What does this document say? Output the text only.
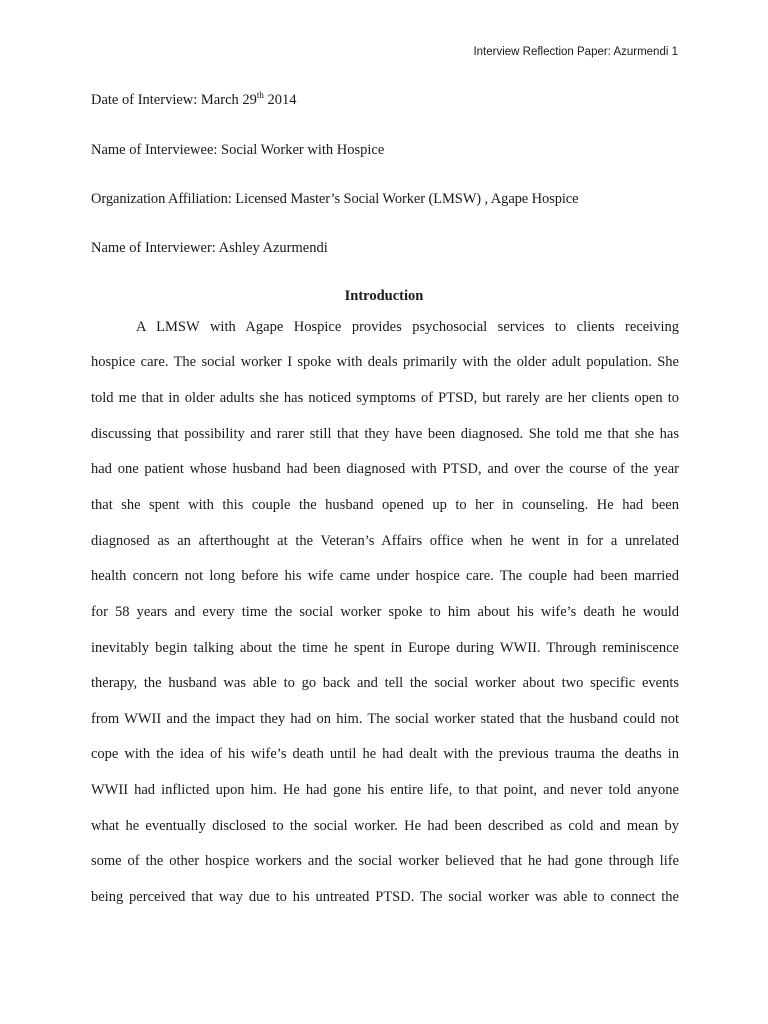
Interview Reflection Paper: Azurmendi 1
Date of Interview: March 29th 2014
Name of Interviewee: Social Worker with Hospice
Organization Affiliation: Licensed Master’s Social Worker (LMSW) , Agape Hospice
Name of Interviewer: Ashley Azurmendi
Introduction
A LMSW with Agape Hospice provides psychosocial services to clients receiving
hospice care. The social worker I spoke with deals primarily with the older adult population. She
told me that in older adults she has noticed symptoms of PTSD, but rarely are her clients open to
discussing that possibility and rarer still that they have been diagnosed. She told me that she has
had one patient whose husband had been diagnosed with PTSD, and over the course of the year
that she spent with this couple the husband opened up to her in counseling. He had been
diagnosed as an afterthought at the Veteran’s Affairs office when he went in for a unrelated
health concern not long before his wife came under hospice care. The couple had been married
for 58 years and every time the social worker spoke to him about his wife’s death he would
inevitably begin talking about the time he spent in Europe during WWII. Through reminiscence
therapy, the husband was able to go back and tell the social worker about two specific events
from WWII and the impact they had on him. The social worker stated that the husband could not
cope with the idea of his wife’s death until he had dealt with the previous trauma the deaths in
WWII had inflicted upon him. He had gone his entire life, to that point, and never told anyone
what he eventually disclosed to the social worker. He had been described as cold and mean by
some of the other hospice workers and the social worker believed that he had gone through life
being perceived that way due to his untreated PTSD. The social worker was able to connect the
